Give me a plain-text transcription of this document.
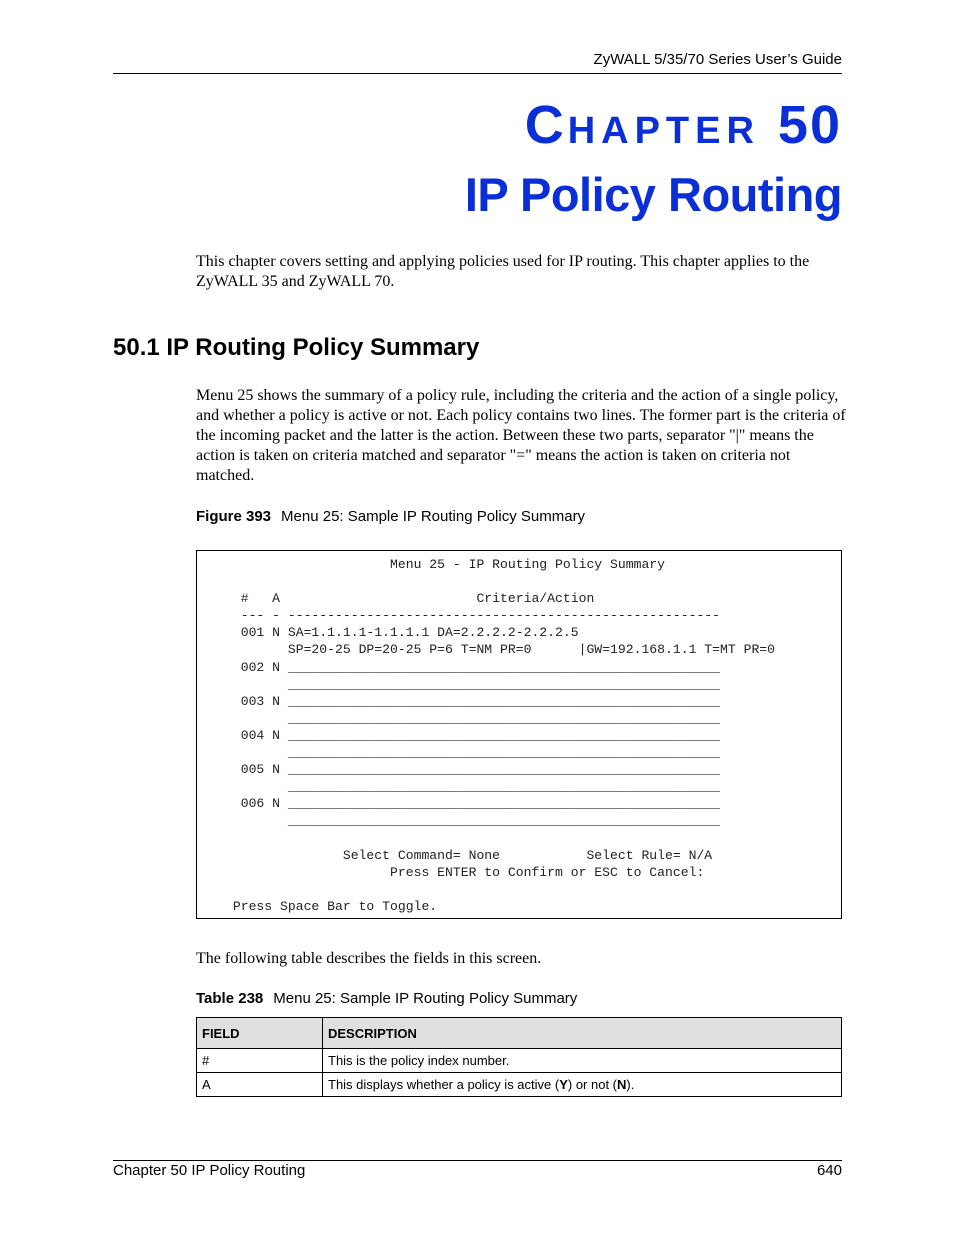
ZyWALL 5/35/70 Series User’s Guide
CHAPTER 50
IP Policy Routing
This chapter covers setting and applying policies used for IP routing. This chapter applies to the ZyWALL 35 and ZyWALL 70.
50.1 IP Routing Policy Summary
Menu 25 shows the summary of a policy rule, including the criteria and the action of a single policy, and whether a policy is active or not. Each policy contains two lines. The former part is the criteria of the incoming packet and the latter is the action. Between these two parts, separator "|" means the action is taken on criteria matched and separator "=" means the action is taken on criteria not matched.
Figure 393 Menu 25: Sample IP Routing Policy Summary
Menu 25 - IP Routing Policy Summary

#   A                         Criteria/Action
--- - -------------------------------------------------------
001 N SA=1.1.1.1-1.1.1.1 DA=2.2.2.2-2.2.2.5
SP=20-25 DP=20-25 P=6 T=NM PR=0      |GW=192.168.1.1 T=MT PR=0
002 N _______________________________________________________
_______________________________________________________
003 N _______________________________________________________
_______________________________________________________
004 N _______________________________________________________
_______________________________________________________
005 N _______________________________________________________
_______________________________________________________
006 N _______________________________________________________
_______________________________________________________

Select Command= None           Select Rule= N/A
Press ENTER to Confirm or ESC to Cancel:

Press Space Bar to Toggle.
The following table describes the fields in this screen.
Table 238 Menu 25: Sample IP Routing Policy Summary
FIELD	DESCRIPTION
#	This is the policy index number.
A	This displays whether a policy is active (Y) or not (N).
Chapter 50 IP Policy Routing	640
